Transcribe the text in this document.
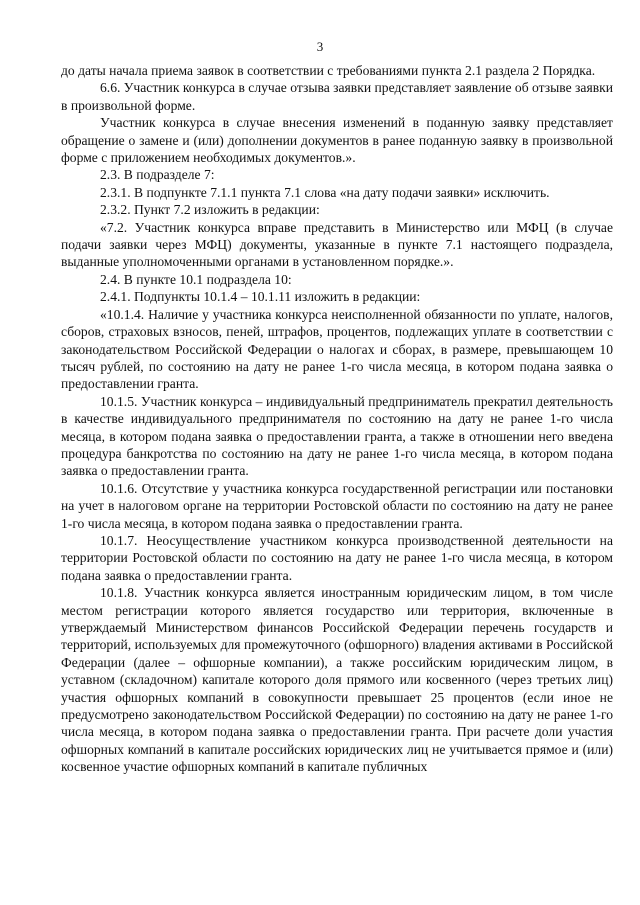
3

до даты начала приема заявок в соответствии с требованиями пункта 2.1 раздела 2 Порядка.

6.6. Участник конкурса в случае отзыва заявки представляет заявление об отзыве заявки в произвольной форме.

Участник конкурса в случае внесения изменений в поданную заявку представляет обращение о замене и (или) дополнении документов в ранее поданную заявку в произвольной форме с приложением необходимых документов.».

2.3. В подразделе 7:

2.3.1. В подпункте 7.1.1 пункта 7.1 слова «на дату подачи заявки» исключить.

2.3.2. Пункт 7.2 изложить в редакции:

«7.2. Участник конкурса вправе представить в Министерство или МФЦ (в случае подачи заявки через МФЦ) документы, указанные в пункте 7.1 настоящего подраздела, выданные уполномоченными органами в установленном порядке.».

2.4. В пункте 10.1 подраздела 10:

2.4.1. Подпункты 10.1.4 – 10.1.11 изложить в редакции:

«10.1.4. Наличие у участника конкурса неисполненной обязанности по уплате, налогов, сборов, страховых взносов, пеней, штрафов, процентов, подлежащих уплате в соответствии с законодательством Российской Федерации о налогах и сборах, в размере, превышающем 10 тысяч рублей, по состоянию на дату не ранее 1-го числа месяца, в котором подана заявка о предоставлении гранта.

10.1.5. Участник конкурса – индивидуальный предприниматель прекратил деятельность в качестве индивидуального предпринимателя по состоянию на дату не ранее 1-го числа месяца, в котором подана заявка о предоставлении гранта, а также в отношении него введена процедура банкротства по состоянию на дату не ранее 1-го числа месяца, в котором подана заявка о предоставлении гранта.

10.1.6. Отсутствие у участника конкурса государственной регистрации или постановки на учет в налоговом органе на территории Ростовской области по состоянию на дату не ранее 1-го числа месяца, в котором подана заявка о предоставлении гранта.

10.1.7. Неосуществление участником конкурса производственной деятельности на территории Ростовской области по состоянию на дату не ранее 1-го числа месяца, в котором подана заявка о предоставлении гранта.

10.1.8. Участник конкурса является иностранным юридическим лицом, в том числе местом регистрации которого является государство или территория, включенные в утверждаемый Министерством финансов Российской Федерации перечень государств и территорий, используемых для промежуточного (офшорного) владения активами в Российской Федерации (далее – офшорные компании), а также российским юридическим лицом, в уставном (складочном) капитале которого доля прямого или косвенного (через третьих лиц) участия офшорных компаний в совокупности превышает 25 процентов (если иное не предусмотрено законодательством Российской Федерации) по состоянию на дату не ранее 1-го числа месяца, в котором подана заявка о предоставлении гранта. При расчете доли участия офшорных компаний в капитале российских юридических лиц не учитывается прямое и (или) косвенное участие офшорных компаний в капитале публичных
